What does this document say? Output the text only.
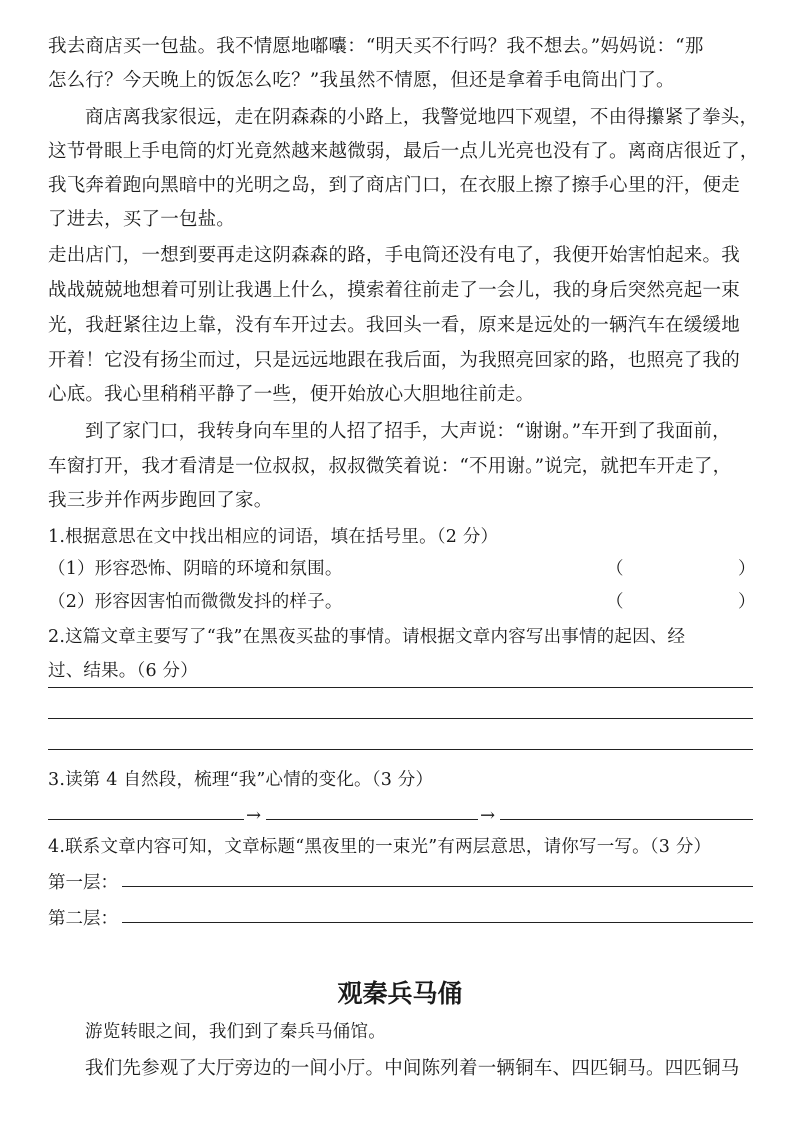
我去商店买一包盐。我不情愿地嘟囔：“明天买不行吗？我不想去。”妈妈说：“那
怎么行？今天晚上的饭怎么吃？”我虽然不情愿，但还是拿着手电筒出门了。
商店离我家很远，走在阴森森的小路上，我警觉地四下观望，不由得攥紧了拳头，
这节骨眼上手电筒的灯光竟然越来越微弱，最后一点儿光亮也没有了。离商店很近了，
我飞奔着跑向黑暗中的光明之岛，到了商店门口，在衣服上擦了擦手心里的汗，便走
了进去，买了一包盐。
走出店门，一想到要再走这阴森森的路，手电筒还没有电了，我便开始害怕起来。我
战战兢兢地想着可别让我遇上什么，摸索着往前走了一会儿，我的身后突然亮起一束
光，我赶紧往边上靠，没有车开过去。我回头一看，原来是远处的一辆汽车在缓缓地
开着！它没有扬尘而过，只是远远地跟在我后面，为我照亮回家的路，也照亮了我的
心底。我心里稍稍平静了一些，便开始放心大胆地往前走。
到了家门口，我转身向车里的人招了招手，大声说：“谢谢。”车开到了我面前，
车窗打开，我才看清是一位叔叔，叔叔微笑着说：“不用谢。”说完，就把车开走了，
我三步并作两步跑回了家。
1.根据意思在文中找出相应的词语，填在括号里。（2 分）
（1）形容恐怖、阴暗的环境和氛围。	（	）
（2）形容因害怕而微微发抖的样子。	（	）
2.这篇文章主要写了“我”在黑夜买盐的事情。请根据文章内容写出事情的起因、经
过、结果。（6 分）
3.读第 4 自然段，梳理“我”心情的变化。（3 分）
→	→
4.联系文章内容可知，文章标题“黑夜里的一束光”有两层意思，请你写一写。（3 分）
第一层：
第二层：
观秦兵马俑
游览转眼之间，我们到了秦兵马俑馆。
我们先参观了大厅旁边的一间小厅。中间陈列着一辆铜车、四匹铜马。四匹铜马
